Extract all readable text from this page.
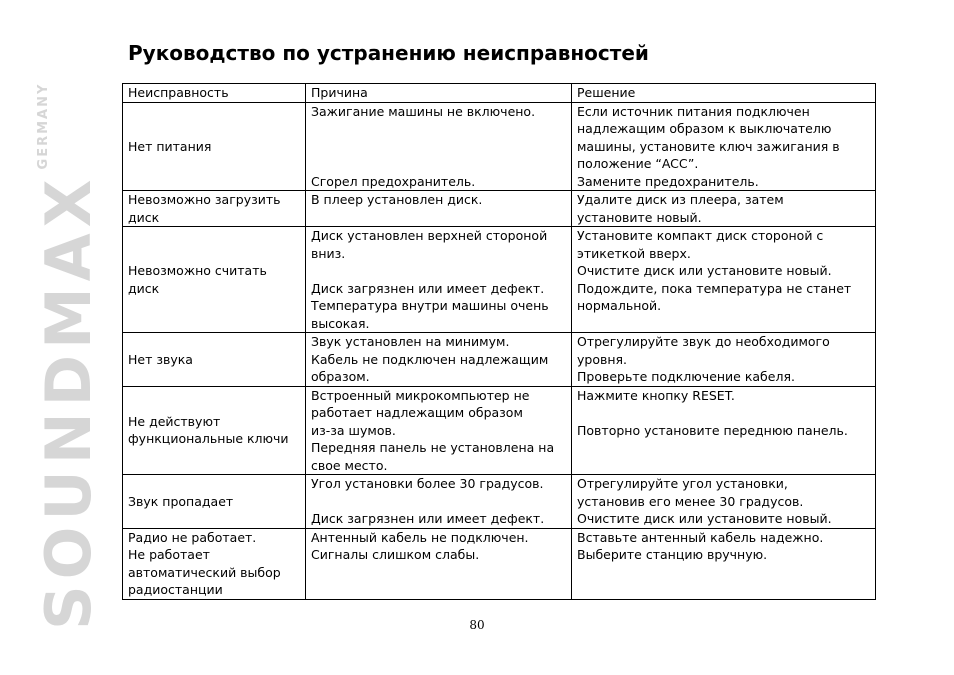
$SOUNDMAX^{GERMANY}$
Руководство по устранению неисправностей
Неисправность	Причина	Решение

Нет питания	Зажигание машины не включено.
Сгорел предохранитель.	Если источник питания подключен
надлежащим образом к выключателю
машины, установите ключ зажигания в
положение “ACC”.
Замените предохранитель.

Невозможно загрузить диск	В плеер установлен диск.	Удалите диск из плеера, затем
установите новый.

Невозможно считать диск	Диск установлен верхней стороной
вниз.
Диск загрязнен или имеет дефект.
Температура внутри машины очень
высокая.	Установите компакт диск стороной с
этикеткой вверх.
Очистите диск или установите новый.
Подождите, пока температура не станет
нормальной.

Нет звука	Звук установлен на минимум.
Кабель не подключен надлежащим
образом.	Отрегулируйте звук до необходимого
уровня.
Проверьте подключение кабеля.

Не действуют функциональные ключи	Встроенный микрокомпьютер не
работает надлежащим образом
из-за шумов.
Передняя панель не установлена на
свое место.	Нажмите кнопку RESET.
Повторно установите переднюю панель.

Звук пропадает	Угол установки более 30 градусов.
Диск загрязнен или имеет дефект.	Отрегулируйте угол установки,
установив его менее 30 градусов.
Очистите диск или установите новый.

Радио не работает.
Не работает автоматический выбор радиостанции	Антенный кабель не подключен.
Сигналы слишком слабы.	Вставьте антенный кабель надежно.
Выберите станцию вручную.
80
